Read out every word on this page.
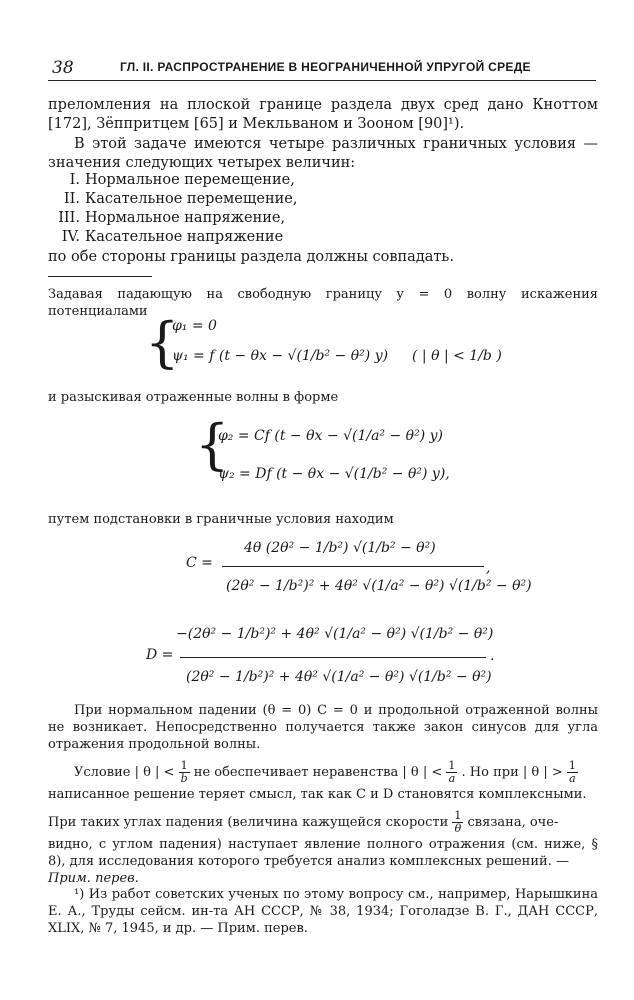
38	ГЛ. II. РАСПРОСТРАНЕНИЕ В НЕОГРАНИЧЕННОЙ УПРУГОЙ СРЕДЕ
преломления на плоской границе раздела двух сред дано Кноттом [172], Зёппритцем [65] и Мекльваном и Зооном [90]¹).
В этой задаче имеются четыре различных граничных условия — значения следующих четырех величин:
I. Нормальное перемещение,
II. Касательное перемещение,
III. Нормальное напряжение,
IV. Касательное напряжение
по обе стороны границы раздела должны совпадать.
Задавая падающую на свободную границу y = 0 волну искажения потенциалами
{
φ₁ = 0
ψ₁ = f (t − θx − √(1/b² − θ²) y) ( | θ | < 1/b )
и разыскивая отраженные волны в форме
{
φ₂ = Cf (t − θx − √(1/a² − θ²) y)
ψ₂ = Df (t − θx − √(1/b² − θ²) y),
путем подстановки в граничные условия находим
C =
4θ (2θ² − 1/b²) √(1/b² − θ²)
(2θ² − 1/b²)² + 4θ² √(1/a² − θ²) √(1/b² − θ²)
,
D =
−(2θ² − 1/b²)² + 4θ² √(1/a² − θ²) √(1/b² − θ²)
(2θ² − 1/b²)² + 4θ² √(1/a² − θ²) √(1/b² − θ²)
.
При нормальном падении (θ = 0) C = 0 и продольной отраженной волны не возникает. Непосредственно получается также закон синусов для угла отражения продольной волны.
Условие | θ | < $\frac{1}{b}$ не обеспечивает неравенства | θ | < $\frac{1}{a}$ . Но при | θ | > $\frac{1}{a}$
написанное решение теряет смысл, так как C и D становятся комплексными.
При таких углах падения (величина кажущейся скорости $\frac{1}{\theta}$ связана, оче-
видно, с углом падения) наступает явление полного отражения (см. ниже, § 8), для исследования которого требуется анализ комплексных решений. —
Прим. перев.
¹) Из работ советских ученых по этому вопросу см., например, Нарышкина Е. А., Труды сейсм. ин-та АН СССР, № 38, 1934; Гоголадзе В. Г., ДАН СССР, XLIX, № 7, 1945, и др. — Прим. перев.
